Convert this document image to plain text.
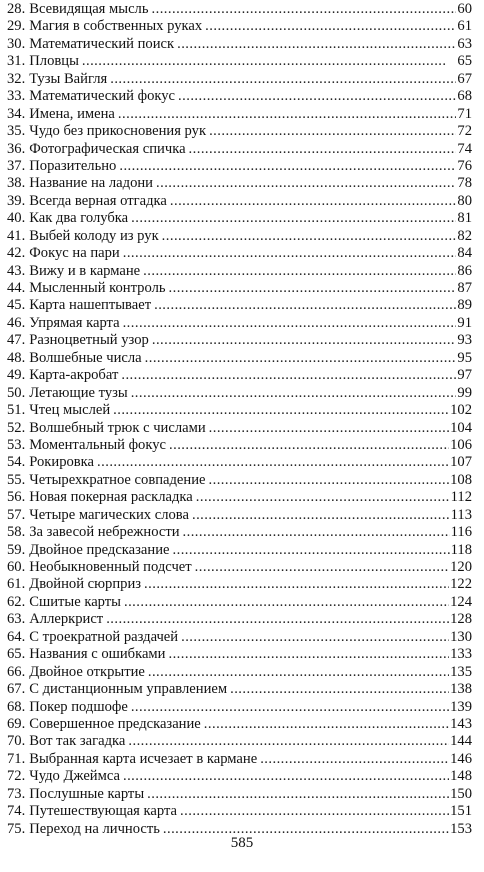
28. Всевидящая мысль . . .	60
29. Магия в собственных руках . . .	61
30. Математический поиск . . .	63
31. Пловцы . . .	65
32. Тузы Вайгля . . .	67
33. Математический фокус . . .	68
34. Имена, имена . . .	71
35. Чудо без прикосновения рук . . .	72
36. Фотографическая спичка . . .	74
37. Поразительно . . .	76
38. Название на ладони . . .	78
39. Всегда верная отгадка . . .	80
40. Как два голубка . . .	81
41. Выбей колоду из рук . . .	82
42. Фокус на пари . . .	84
43. Вижу и в кармане . . .	86
44. Мысленный контроль . . .	87
45. Карта нашептывает . . .	89
46. Упрямая карта . . .	91
47. Разноцветный узор . . .	93
48. Волшебные числа . . .	95
49. Карта-акробат . . .	97
50. Летающие тузы . . .	99
51. Чтец мыслей . . .	102
52. Волшебный трюк с числами . . .	104
53. Моментальный фокус . . .	106
54. Рокировка . . .	107
55. Четырехкратное совпадение . . .	108
56. Новая покерная раскладка . . .	112
57. Четыре магических слова . . .	113
58. За завесой небрежности . . .	116
59. Двойное предсказание . . .	118
60. Необыкновенный подсчет . . .	120
61. Двойной сюрприз . . .	122
62. Сшитые карты . . .	124
63. Аллеркрист . . .	128
64. С троекратной раздачей . . .	130
65. Названия с ошибками . . .	133
66. Двойное открытие . . .	135
67. С дистанционным управлением . . .	138
68. Покер подшофе . . .	139
69. Совершенное предсказание . . .	143
70. Вот так загадка . . .	144
71. Выбранная карта исчезает в кармане . . .	146
72. Чудо Джеймса . . .	148
73. Послушные карты . . .	150
74. Путешествующая карта . . .	151
75. Переход на личность . . .	153
585
